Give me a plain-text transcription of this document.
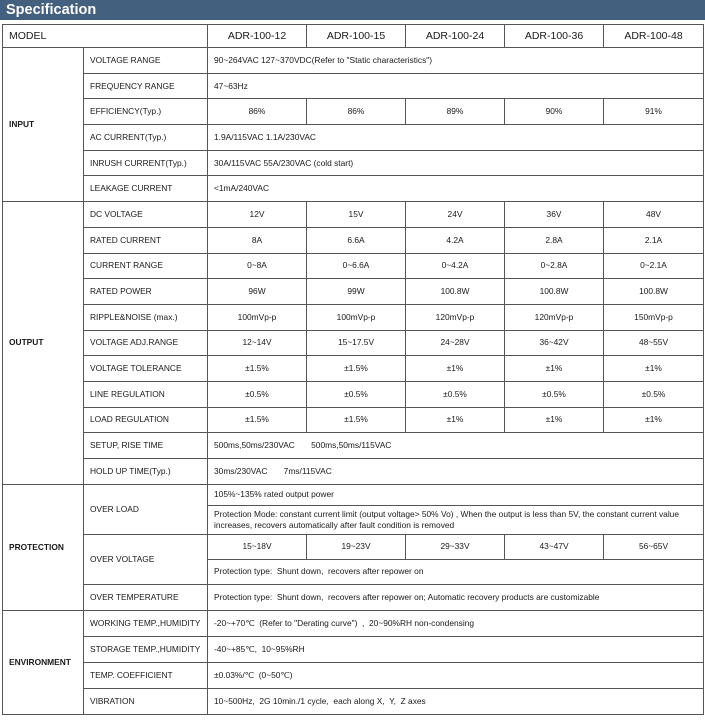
Specification
MODEL		ADR-100-12	ADR-100-15	ADR-100-24	ADR-100-36	ADR-100-48
INPUT	VOLTAGE RANGE	90~264VAC 127~370VDC(Refer to "Static characteristics")				
	FREQUENCY RANGE	47~63Hz				
	EFFICIENCY(Typ.)	86%	86%	89%	90%	91%
	AC CURRENT(Typ.)	1.9A/115VAC 1.1A/230VAC				
	INRUSH CURRENT(Typ.)	30A/115VAC 55A/230VAC (cold start)				
	LEAKAGE CURRENT	<1mA/240VAC				
OUTPUT	DC VOLTAGE	12V	15V	24V	36V	48V
	RATED CURRENT	8A	6.6A	4.2A	2.8A	2.1A
	CURRENT RANGE	0~8A	0~6.6A	0~4.2A	0~2.8A	0~2.1A
	RATED POWER	96W	99W	100.8W	100.8W	100.8W
	RIPPLE&NOISE (max.)	100mVp-p	100mVp-p	120mVp-p	120mVp-p	150mVp-p
	VOLTAGE ADJ.RANGE	12~14V	15~17.5V	24~28V	36~42V	48~55V
	VOLTAGE TOLERANCE	±1.5%	±1.5%	±1%	±1%	±1%
	LINE REGULATION	±0.5%	±0.5%	±0.5%	±0.5%	±0.5%
	LOAD REGULATION	±1.5%	±1.5%	±1%	±1%	±1%
	SETUP, RISE TIME	500ms,50ms/230VAC       500ms,50ms/115VAC				
	HOLD UP TIME(Typ.)	30ms/230VAC       7ms/115VAC				
PROTECTION	OVER LOAD	105%~135% rated output power				
		Protection Mode: constant current limit (output voltage> 50% Vo) , When the output is less than 5V, the constant current value increases, recovers automatically after fault condition is removed				
	OVER VOLTAGE	15~18V	19~23V	29~33V	43~47V	56~65V
		Protection type:  Shunt down,  recovers after repower on				
	OVER TEMPERATURE	Protection type:  Shunt down,  recovers after repower on; Automatic recovery products are customizable				
ENVIRONMENT	WORKING TEMP.,HUMIDITY	-20~+70℃  (Refer to "Derating curve")  ,  20~90%RH non-condensing				
	STORAGE TEMP.,HUMIDITY	-40~+85℃,  10~95%RH				
	TEMP. COEFFICIENT	±0.03%/℃  (0~50℃)				
	VIBRATION	10~500Hz,  2G 10min./1 cycle,  each along X,  Y,  Z axes				
